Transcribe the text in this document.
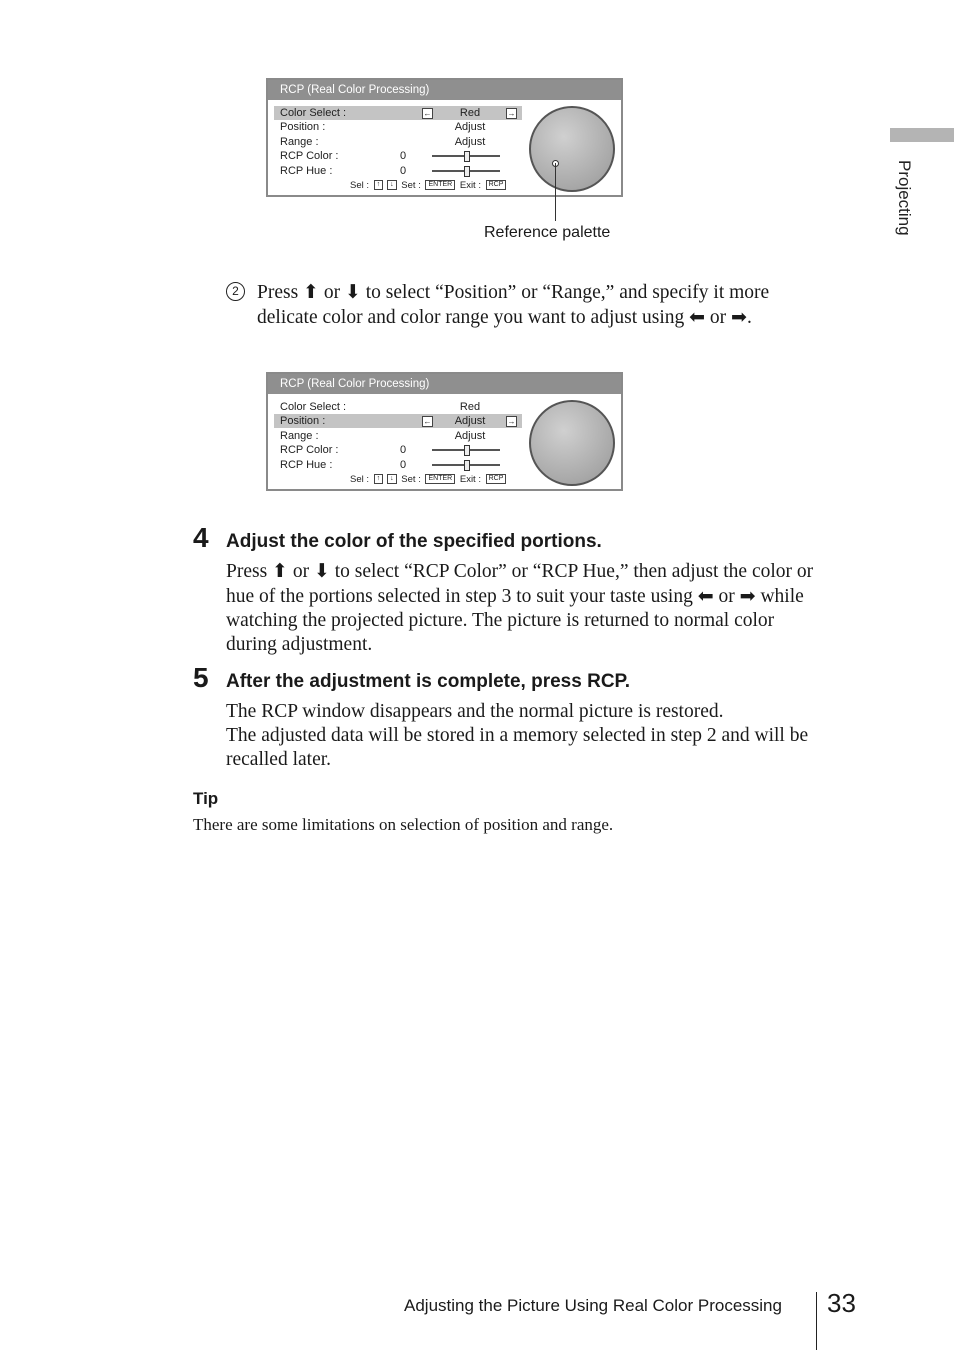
Projecting
RCP (Real Color Processing)
Color Select :	←	Red	→
Position :	Adjust
Range :	Adjust
RCP Color :	0
RCP Hue :	0
Sel : ↑ ↓ Set : ENTER Exit : RCP
Reference palette
2 Press ⬆ or ⬇ to select “Position” or “Range,” and specify it more
delicate color and color range you want to adjust using ⬅ or ➡.
RCP (Real Color Processing)
Color Select :	Red
Position :	←	Adjust	→
Range :	Adjust
RCP Color :	0
RCP Hue :	0
Sel : ↑ ↓ Set : ENTER Exit : RCP
4 Adjust the color of the specified portions.
Press ⬆ or ⬇ to select “RCP Color” or “RCP Hue,” then adjust the color or
hue of the portions selected in step 3 to suit your taste using ⬅ or ➡ while
watching the projected picture. The picture is returned to normal color
during adjustment.
5 After the adjustment is complete, press RCP.
The RCP window disappears and the normal picture is restored.
The adjusted data will be stored in a memory selected in step 2 and will be
recalled later.
Tip
There are some limitations on selection of position and range.
Adjusting the Picture Using Real Color Processing 33
